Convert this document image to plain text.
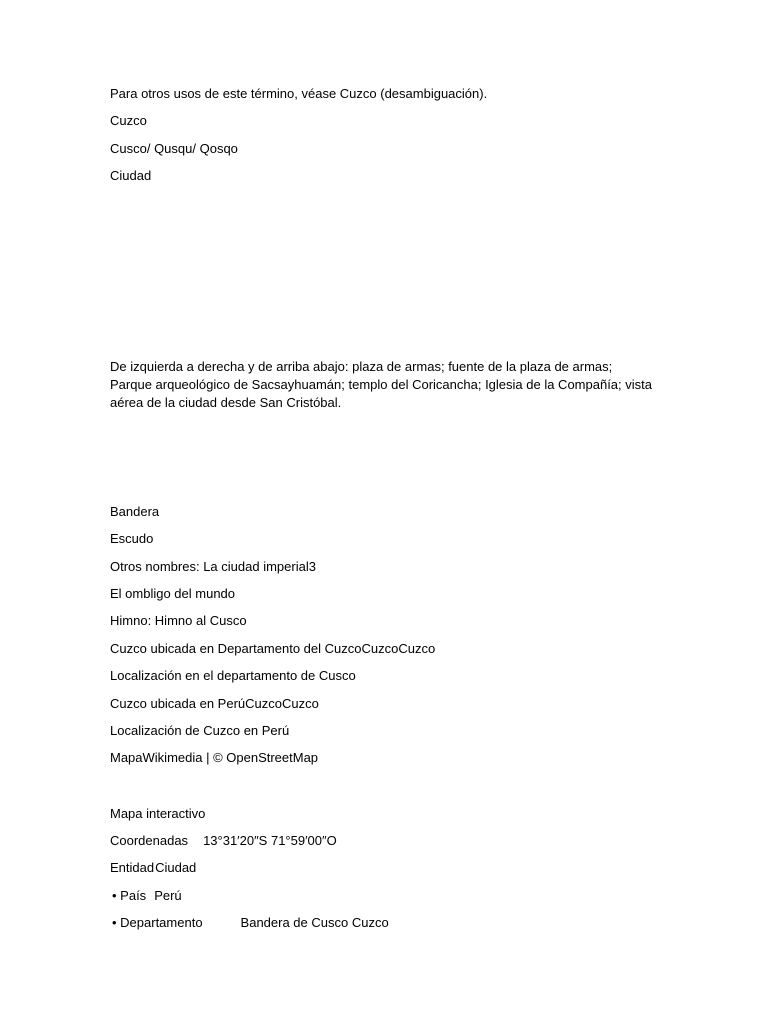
Para otros usos de este término, véase Cuzco (desambiguación).
Cuzco
Cusco/ Qusqu/ Qosqo
Ciudad
De izquierda a derecha y de arriba abajo: plaza de armas; fuente de la plaza de armas; Parque arqueológico de Sacsayhuamán; templo del Coricancha; Iglesia de la Compañía; vista aérea de la ciudad desde San Cristóbal.
Bandera
Escudo
Otros nombres: La ciudad imperial3
El ombligo del mundo
Himno: Himno al Cusco
Cuzco ubicada en Departamento del CuzcoCuzcoCuzco
Localización en el departamento de Cusco
Cuzco ubicada en PerúCuzcoCuzco
Localización de Cuzco en Perú
MapaWikimedia | © OpenStreetMap
Mapa interactivo
Coordenadas 13°31′20″S 71°59′00″O
EntidadCiudad
• País Perú
• Departamento	Bandera de Cusco Cuzco
